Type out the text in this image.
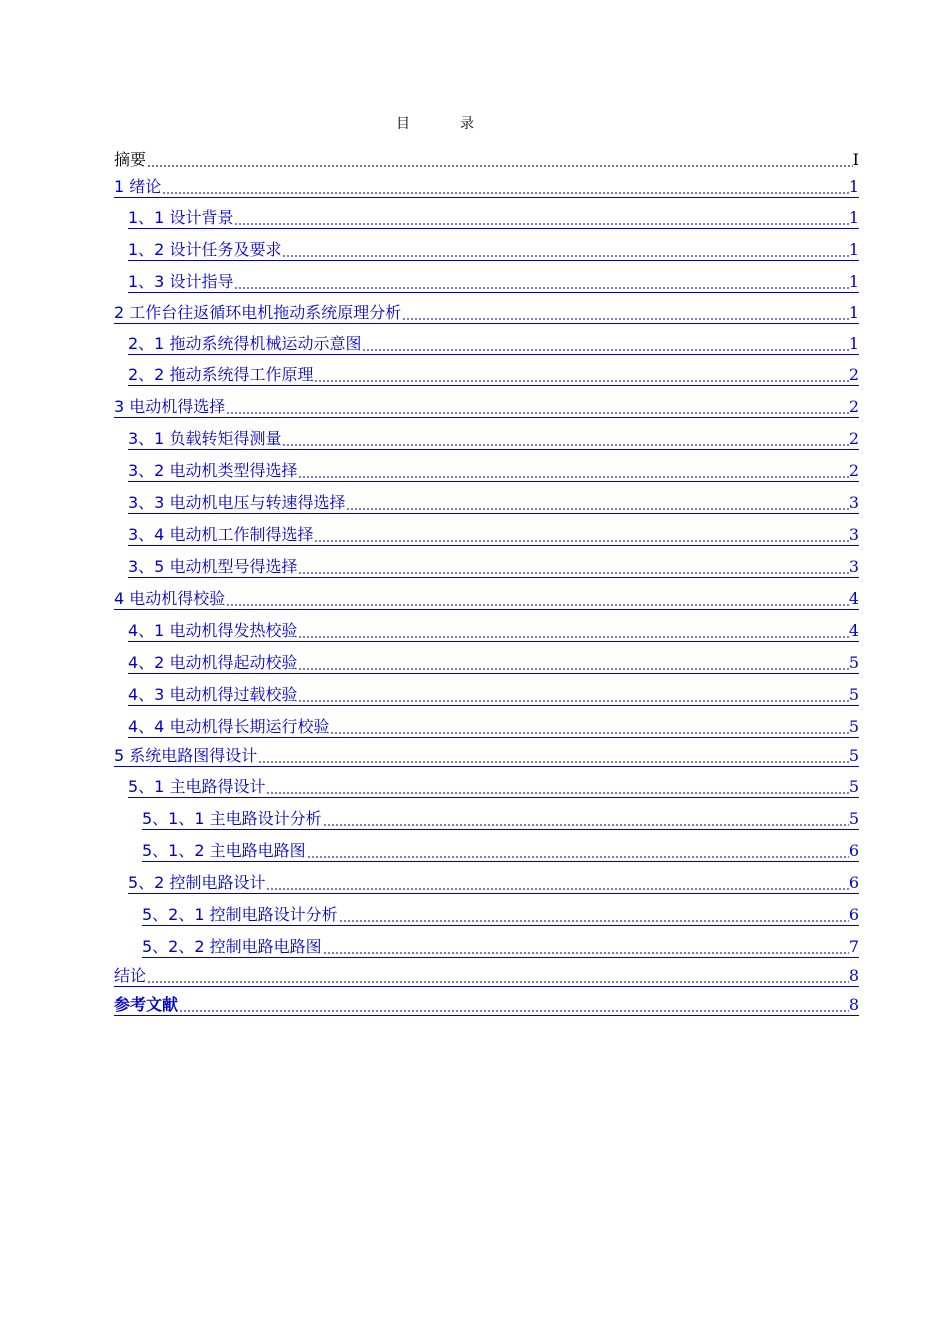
目	录
摘要	I
1 绪论	1
1、1 设计背景	1
1、2 设计任务及要求	1
1、3 设计指导	1
2 工作台往返循环电机拖动系统原理分析	1
2、1 拖动系统得机械运动示意图	1
2、2 拖动系统得工作原理	2
3 电动机得选择	2
3、1 负载转矩得测量	2
3、2 电动机类型得选择	2
3、3 电动机电压与转速得选择	3
3、4 电动机工作制得选择	3
3、5 电动机型号得选择	3
4 电动机得校验	4
4、1 电动机得发热校验	4
4、2 电动机得起动校验	5
4、3 电动机得过载校验	5
4、4 电动机得长期运行校验	5
5 系统电路图得设计	5
5、1 主电路得设计	5
5、1、1 主电路设计分析	5
5、1、2 主电路电路图	6
5、2 控制电路设计	6
5、2、1 控制电路设计分析	6
5、2、2 控制电路电路图	7
结论	8
参考文献	8
